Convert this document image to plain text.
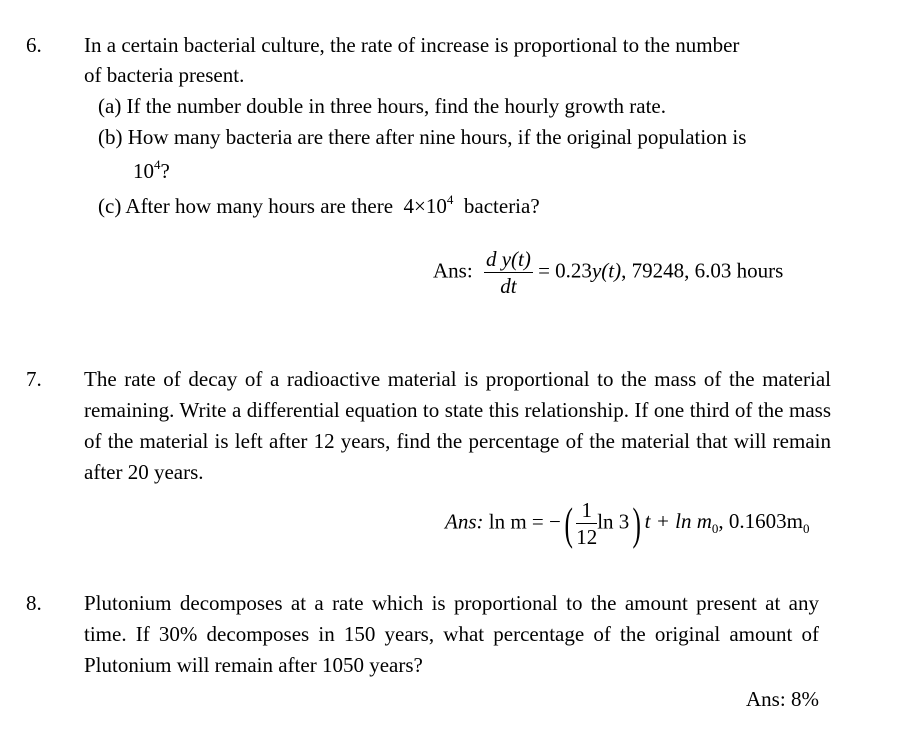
6. In a certain bacterial culture, the rate of increase is proportional to the number
of bacteria present.
(a) If the number double in three hours, find the hourly growth rate.
(b) How many bacteria are there after nine hours, if the original population is
$10^4$?
(c) After how many hours are there $4\times 10^4$ bacteria?
Ans: $\frac{\text{d y(t)}}{dt} = 0.23y(t)$, 79248, 6.03 hours
7. The rate of decay of a radioactive material is proportional to the mass of the material remaining. Write a differential equation to state this relationship. If one third of the mass of the material is left after 12 years, find the percentage of the material that will remain after 20 years.
Ans: ln m = −( $\frac{1}{12}$ ln 3) $t + \ln m_0$, $0.1603m_0$
8. Plutonium decomposes at a rate which is proportional to the amount present at any time. If 30% decomposes in 150 years, what percentage of the original amount of Plutonium will remain after 1050 years?
Ans: 8%
